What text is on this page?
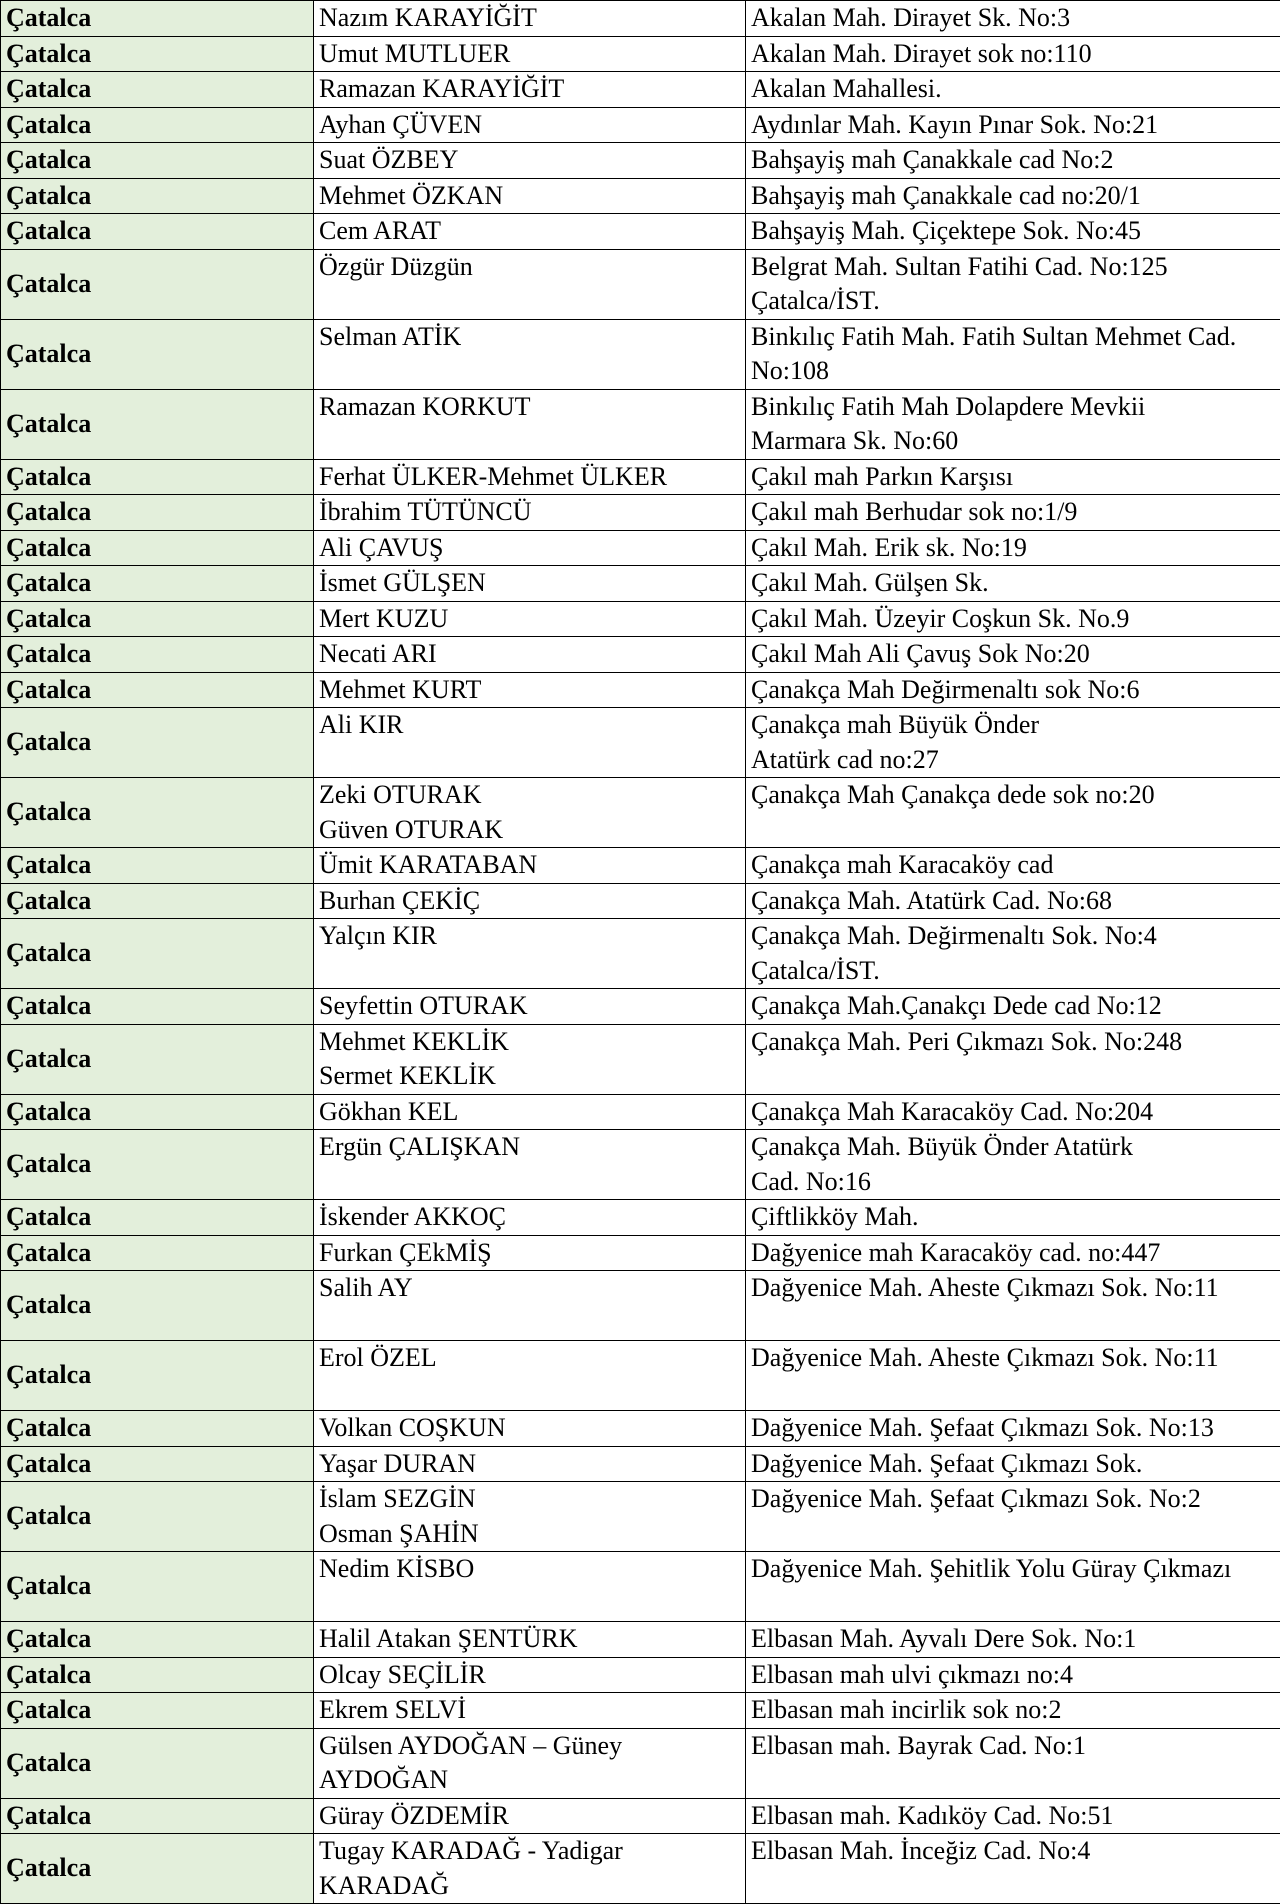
Çatalca	Nazım KARAYİĞİT	Akalan Mah. Dirayet Sk. No:3

Çatalca	Umut MUTLUER	Akalan Mah. Dirayet sok no:110

Çatalca	Ramazan KARAYİĞİT	Akalan Mahallesi.

Çatalca	Ayhan ÇÜVEN	Aydınlar Mah. Kayın Pınar Sok. No:21

Çatalca	Suat ÖZBEY	Bahşayiş mah Çanakkale cad No:2

Çatalca	Mehmet ÖZKAN	Bahşayiş mah Çanakkale cad no:20/1

Çatalca	Cem ARAT	Bahşayiş Mah. Çiçektepe Sok. No:45

Çatalca	Özgür Düzgün	Belgrat Mah. Sultan Fatihi Cad. No:125
Çatalca/İST.

Çatalca	Selman ATİK	Binkılıç Fatih Mah. Fatih Sultan Mehmet Cad.
No:108

Çatalca	Ramazan KORKUT	Binkılıç Fatih Mah Dolapdere Mevkii
Marmara Sk. No:60

Çatalca	Ferhat ÜLKER-Mehmet ÜLKER	Çakıl mah Parkın Karşısı

Çatalca	İbrahim TÜTÜNCÜ	Çakıl mah Berhudar sok no:1/9

Çatalca	Ali ÇAVUŞ	Çakıl Mah. Erik sk. No:19

Çatalca	İsmet GÜLŞEN	Çakıl Mah. Gülşen Sk.

Çatalca	Mert KUZU	Çakıl Mah. Üzeyir Coşkun Sk. No.9

Çatalca	Necati ARI	Çakıl Mah Ali Çavuş Sok No:20

Çatalca	Mehmet KURT	Çanakça Mah Değirmenaltı sok No:6

Çatalca	Ali KIR	Çanakça mah Büyük Önder
Atatürk cad no:27

Çatalca	Zeki OTURAK
Güven OTURAK	Çanakça Mah Çanakça dede sok no:20

Çatalca	Ümit KARATABAN	Çanakça mah Karacaköy cad

Çatalca	Burhan ÇEKİÇ	Çanakça Mah. Atatürk Cad. No:68

Çatalca	Yalçın KIR	Çanakça Mah. Değirmenaltı Sok. No:4
Çatalca/İST.

Çatalca	Seyfettin OTURAK	Çanakça Mah.Çanakçı Dede cad No:12

Çatalca	Mehmet KEKLİK
Sermet KEKLİK	Çanakça Mah. Peri Çıkmazı Sok. No:248

Çatalca	Gökhan KEL	Çanakça Mah Karacaköy Cad. No:204

Çatalca	Ergün ÇALIŞKAN	Çanakça Mah. Büyük Önder Atatürk
Cad. No:16

Çatalca	İskender AKKOÇ	Çiftlikköy Mah.

Çatalca	Furkan ÇEkMİŞ	Dağyenice mah Karacaköy cad. no:447

Çatalca	Salih AY	Dağyenice Mah. Aheste Çıkmazı Sok. No:11

Çatalca	Erol ÖZEL	Dağyenice Mah. Aheste Çıkmazı Sok. No:11

Çatalca	Volkan COŞKUN	Dağyenice Mah. Şefaat Çıkmazı Sok. No:13

Çatalca	Yaşar DURAN	Dağyenice Mah. Şefaat Çıkmazı Sok.

Çatalca	İslam SEZGİN
Osman ŞAHİN	Dağyenice Mah. Şefaat Çıkmazı Sok. No:2

Çatalca	Nedim KİSBO	Dağyenice Mah. Şehitlik Yolu Güray Çıkmazı

Çatalca	Halil Atakan ŞENTÜRK	Elbasan Mah. Ayvalı Dere Sok. No:1

Çatalca	Olcay SEÇİLİR	Elbasan mah ulvi çıkmazı no:4

Çatalca	Ekrem SELVİ	Elbasan mah incirlik sok no:2

Çatalca	Gülsen AYDOĞAN – Güney
AYDOĞAN	Elbasan mah. Bayrak Cad. No:1

Çatalca	Güray ÖZDEMİR	Elbasan mah. Kadıköy Cad. No:51

Çatalca	Tugay KARADAĞ - Yadigar
KARADAĞ	Elbasan Mah. İnceğiz Cad. No:4
